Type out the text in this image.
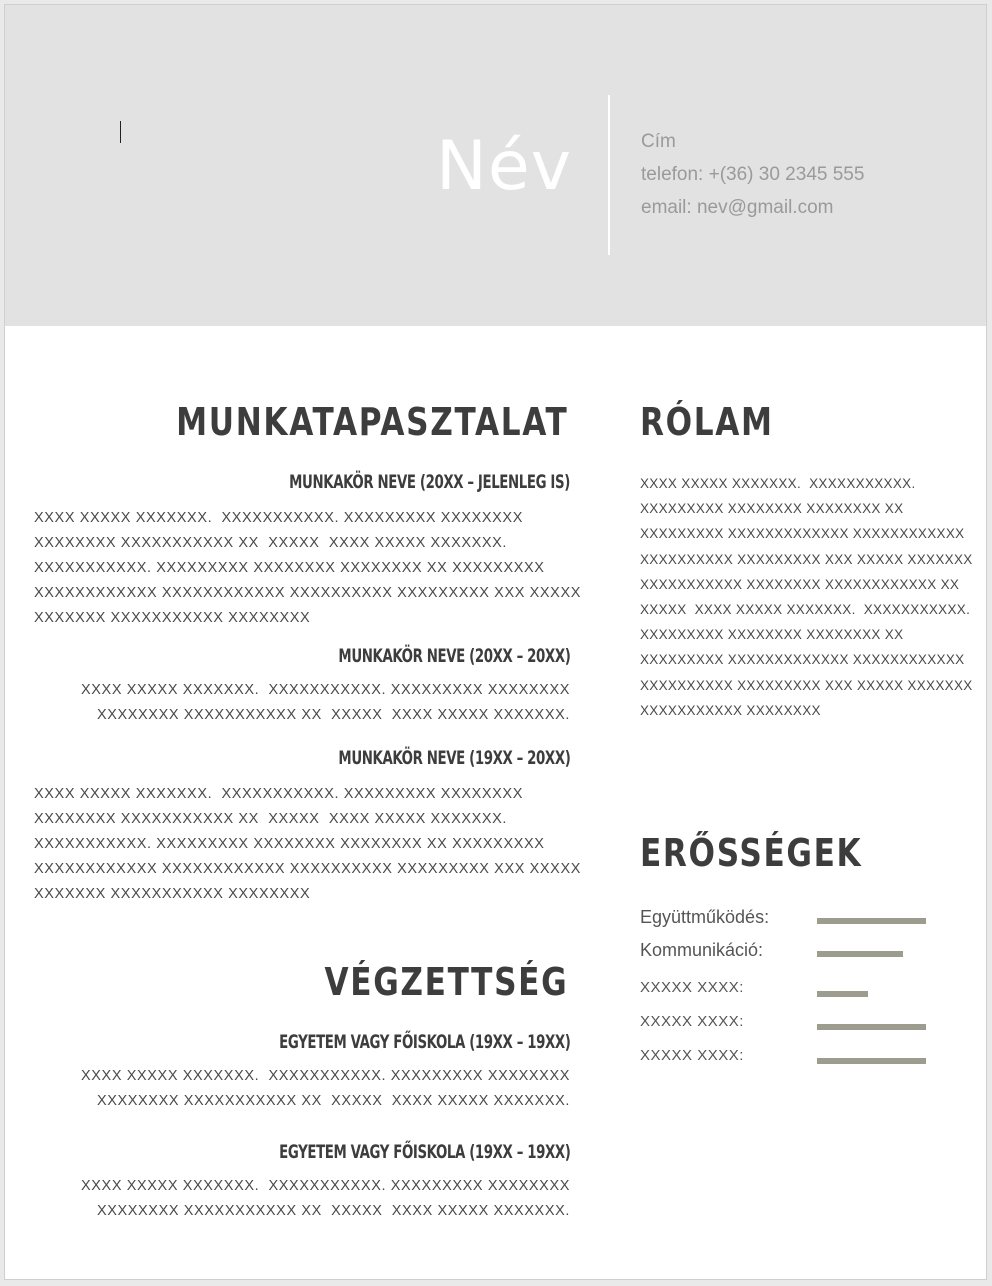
Név	Cím
telefon: +(36) 30 2345 555
email: nev@gmail.com
MUNKATAPASZTALAT
MUNKAKÖR NEVE (20XX – JELENLEG IS)
XXXX XXXXX XXXXXXX.  XXXXXXXXXXX. XXXXXXXXX XXXXXXXX
XXXXXXXX XXXXXXXXXXX XX  XXXXX  XXXX XXXXX XXXXXXX.
XXXXXXXXXXX. XXXXXXXXX XXXXXXXX XXXXXXXX XX XXXXXXXXX
XXXXXXXXXXXX XXXXXXXXXXXX XXXXXXXXXX XXXXXXXXX XXX XXXXX
XXXXXXX XXXXXXXXXXX XXXXXXXX
MUNKAKÖR NEVE (20XX – 20XX)
XXXX XXXXX XXXXXXX.  XXXXXXXXXXX. XXXXXXXXX XXXXXXXX
XXXXXXXX XXXXXXXXXXX XX  XXXXX  XXXX XXXXX XXXXXXX.
MUNKAKÖR NEVE (19XX – 20XX)
XXXX XXXXX XXXXXXX.  XXXXXXXXXXX. XXXXXXXXX XXXXXXXX
XXXXXXXX XXXXXXXXXXX XX  XXXXX  XXXX XXXXX XXXXXXX.
XXXXXXXXXXX. XXXXXXXXX XXXXXXXX XXXXXXXX XX XXXXXXXXX
XXXXXXXXXXXX XXXXXXXXXXXX XXXXXXXXXX XXXXXXXXX XXX XXXXX
XXXXXXX XXXXXXXXXXX XXXXXXXX
VÉGZETTSÉG
EGYETEM VAGY FŐISKOLA (19XX – 19XX)
XXXX XXXXX XXXXXXX.  XXXXXXXXXXX. XXXXXXXXX XXXXXXXX
XXXXXXXX XXXXXXXXXXX XX  XXXXX  XXXX XXXXX XXXXXXX.
EGYETEM VAGY FŐISKOLA (19XX – 19XX)
XXXX XXXXX XXXXXXX.  XXXXXXXXXXX. XXXXXXXXX XXXXXXXX
XXXXXXXX XXXXXXXXXXX XX  XXXXX  XXXX XXXXX XXXXXXX.
RÓLAM
XXXX XXXXX XXXXXXX.  XXXXXXXXXXX.
XXXXXXXXX XXXXXXXX XXXXXXXX XX
XXXXXXXXX XXXXXXXXXXXXX XXXXXXXXXXXX
XXXXXXXXXX XXXXXXXXX XXX XXXXX XXXXXXX
XXXXXXXXXXX XXXXXXXX XXXXXXXXXXXX XX
XXXXX  XXXX XXXXX XXXXXXX.  XXXXXXXXXXX.
XXXXXXXXX XXXXXXXX XXXXXXXX XX
XXXXXXXXX XXXXXXXXXXXXX XXXXXXXXXXXX
XXXXXXXXXX XXXXXXXXX XXX XXXXX XXXXXXX
XXXXXXXXXXX XXXXXXXX
ERŐSSÉGEK
Együttműködés:
Kommunikáció:
XXXXX XXXX:
XXXXX XXXX:
XXXXX XXXX:
